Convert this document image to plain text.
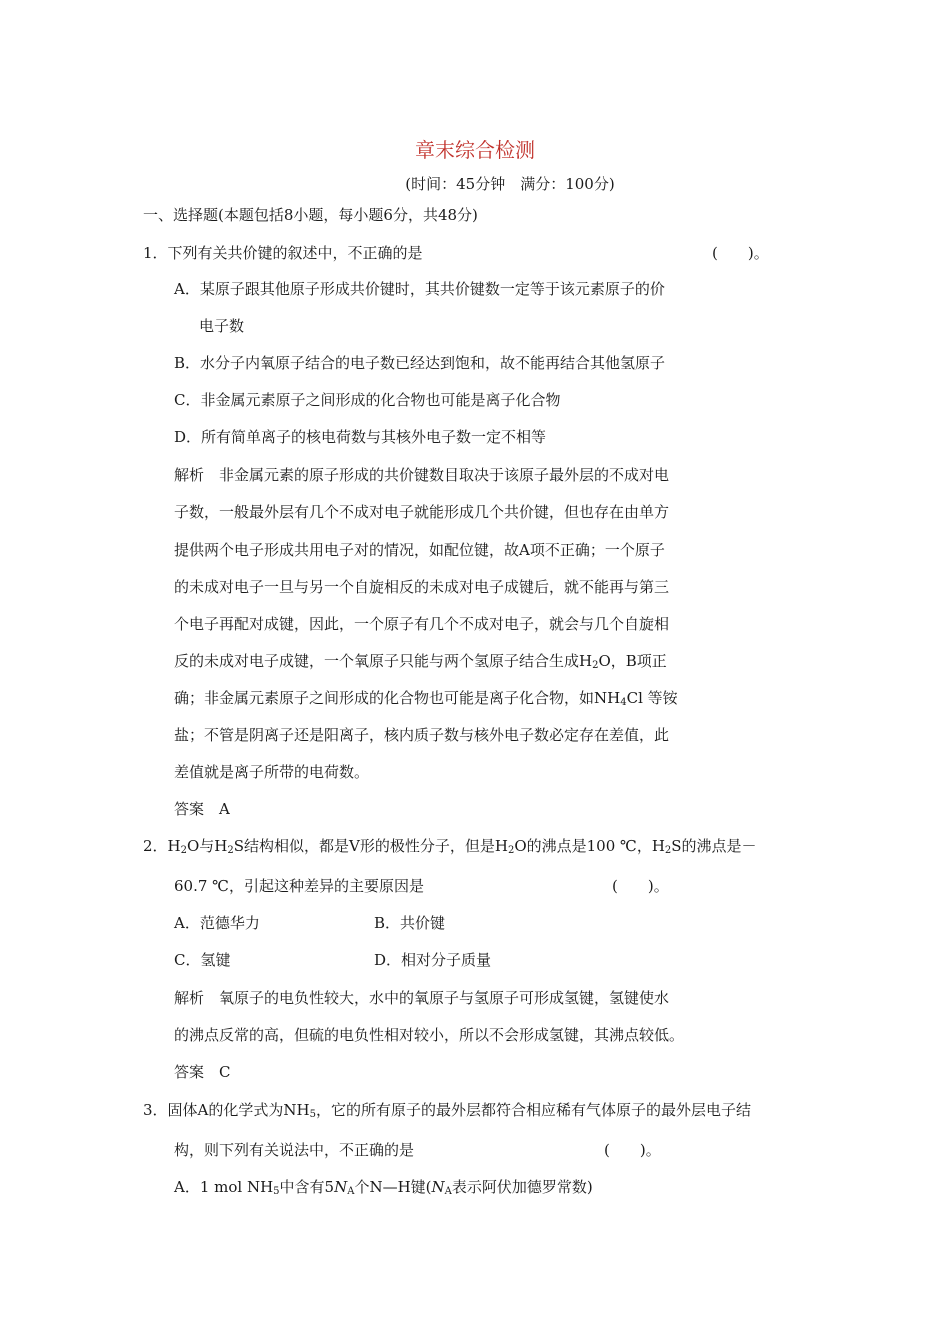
章末综合检测
(时间：45分钟　满分：100分)
一、选择题(本题包括8小题，每小题6分，共48分)
1．下列有关共价键的叙述中，不正确的是	(　　)。
A．某原子跟其他原子形成共价键时，其共价键数一定等于该元素原子的价
电子数
B．水分子内氧原子结合的电子数已经达到饱和，故不能再结合其他氢原子
C．非金属元素原子之间形成的化合物也可能是离子化合物
D．所有简单离子的核电荷数与其核外电子数一定不相等
解析　非金属元素的原子形成的共价键数目取决于该原子最外层的不成对电
子数，一般最外层有几个不成对电子就能形成几个共价键，但也存在由单方
提供两个电子形成共用电子对的情况，如配位键，故A项不正确；一个原子
的未成对电子一旦与另一个自旋相反的未成对电子成键后，就不能再与第三
个电子再配对成键，因此，一个原子有几个不成对电子，就会与几个自旋相
反的未成对电子成键，一个氧原子只能与两个氢原子结合生成$H_2O$，B项正
确；非金属元素原子之间形成的化合物也可能是离子化合物，如$NH_4Cl$ 等铵
盐；不管是阴离子还是阳离子，核内质子数与核外电子数必定存在差值，此
差值就是离子所带的电荷数。
答案　A
2．$H_2O$与$H_2S$结构相似，都是V形的极性分子，但是$H_2O$的沸点是100 ℃，$H_2S$的沸点是－
60.7 ℃，引起这种差异的主要原因是	(　　)。
A．范德华力	B．共价键
C．氢键	D．相对分子质量
解析　氧原子的电负性较大，水中的氧原子与氢原子可形成氢键，氢键使水
的沸点反常的高，但硫的电负性相对较小，所以不会形成氢键，其沸点较低。
答案　C
3．固体A的化学式为$NH_5$，它的所有原子的最外层都符合相应稀有气体原子的最外层电子结
构，则下列有关说法中，不正确的是	(　　)。
A．1 mol $NH_5$中含有$5N_A$个N—H键($N_A$表示阿伏加德罗常数)
